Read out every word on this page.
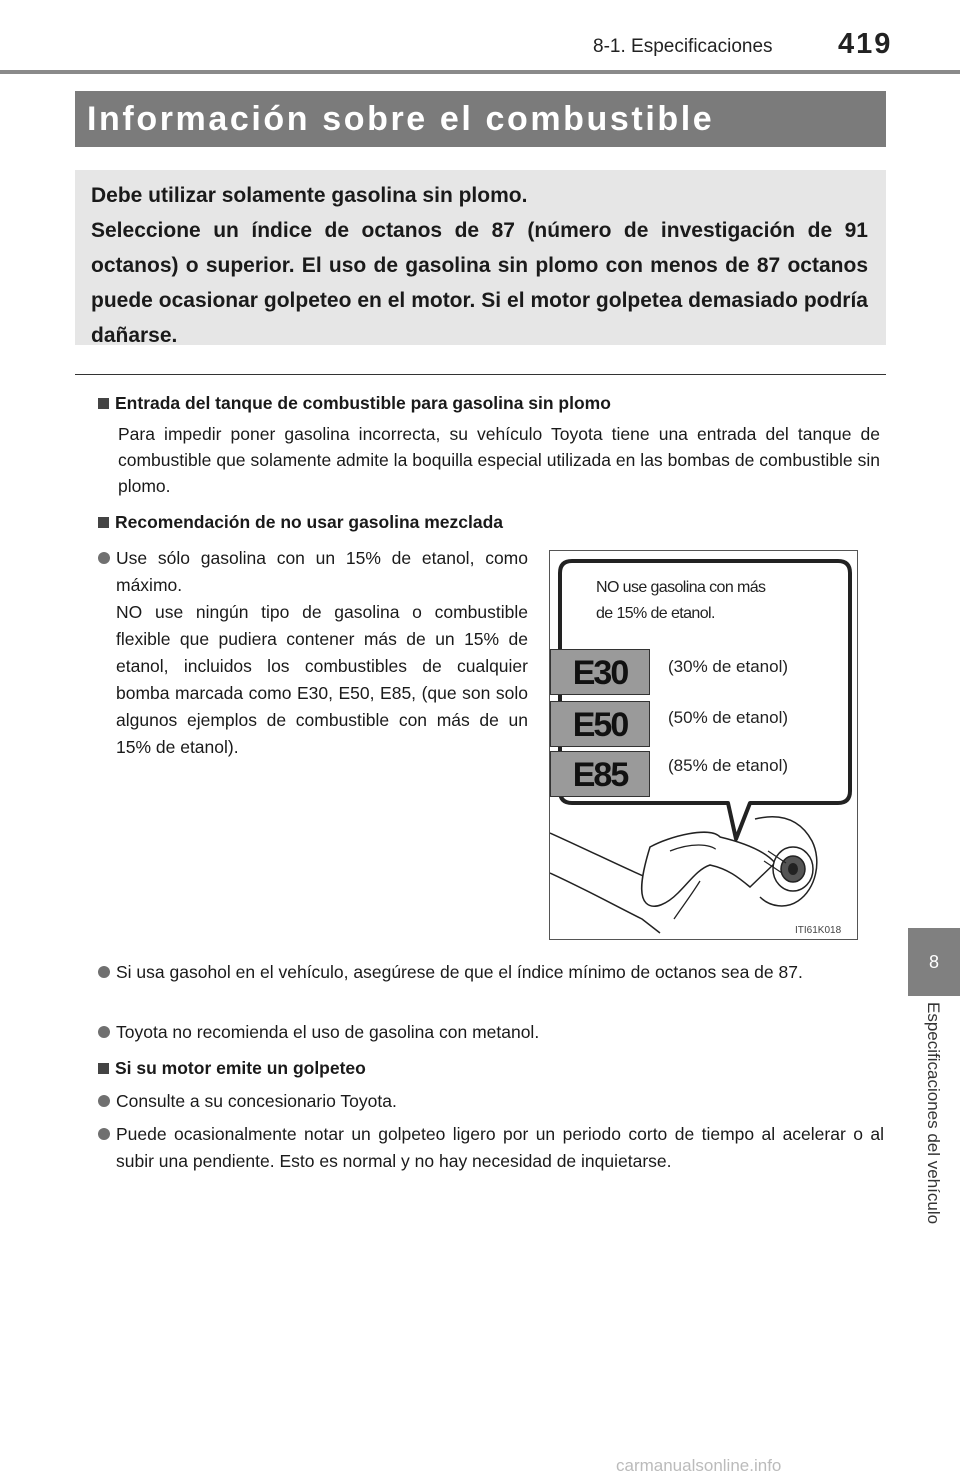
8-1. Especificaciones 419
8
Especificaciones del vehículo
Información sobre el combustible

Debe utilizar solamente gasolina sin plomo.

Seleccione un índice de octanos de 87 (número de investigación de 91 octanos) o superior. El uso de gasolina sin plomo con menos de 87 octanos puede ocasionar golpeteo en el motor. Si el motor golpetea demasiado podría dañarse.

Entrada del tanque de combustible para gasolina sin plomo
Para impedir poner gasolina incorrecta, su vehículo Toyota tiene una entrada del tanque de combustible que solamente admite la boquilla especial utilizada en las bombas de combustible sin plomo.
Recomendación de no usar gasolina mezclada
Use sólo gasolina con un 15% de etanol, como máximo.
NO use ningún tipo de gasolina o combustible flexible que pudiera contener más de un 15% de etanol, incluidos los combustibles de cualquier bomba marcada como E30, E50, E85, (que son solo algunos ejemplos de combustible con más de un 15% de etanol).
NO use gasolina con más
de 15% de etanol.
E30	(30% de etanol)
E50	(50% de etanol)
E85	(85% de etanol)
ITI61K018
Si usa gasohol en el vehículo, asegúrese de que el índice mínimo de octanos sea de 87.
Toyota no recomienda el uso de gasolina con metanol.
Si su motor emite un golpeteo
Consulte a su concesionario Toyota.
Puede ocasionalmente notar un golpeteo ligero por un periodo corto de tiempo al acelerar o al subir una pendiente. Esto es normal y no hay necesidad de inquietarse.
carmanualsonline.info
